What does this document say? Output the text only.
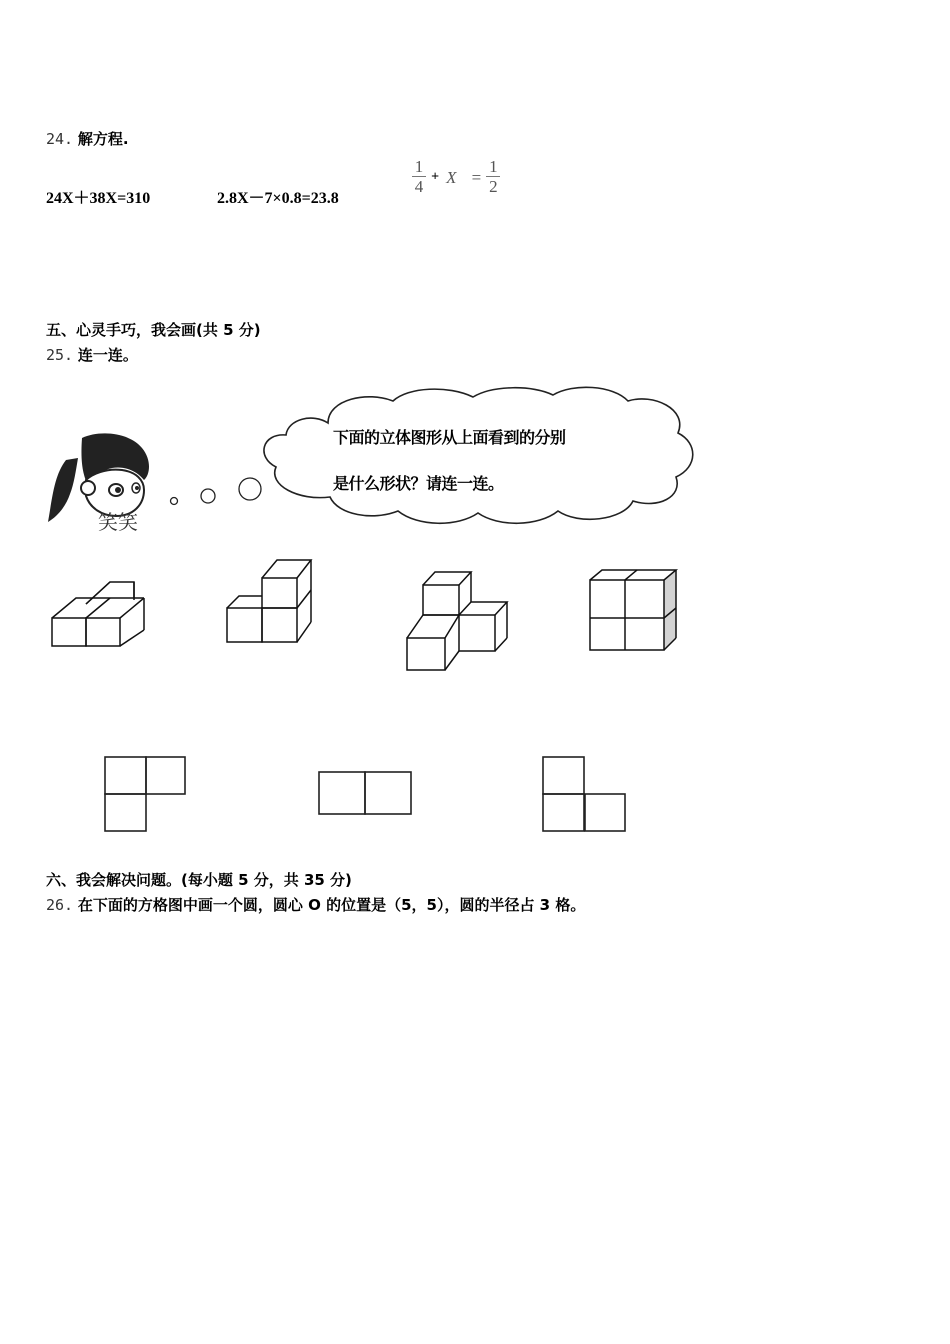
24. 解方程.
24X＋38X=310	2.8X－7×0.8=23.8
$\frac{1}{4} + X = \frac{1}{2}$
五、心灵手巧，我会画(共 5 分)
25. 连一连。
笑笑
下面的立体图形从上面看到的分别
是什么形状？请连一连。
六、我会解决问题。(每小题 5 分，共 35 分)
26. 在下面的方格图中画一个圆，圆心 O 的位置是（5，5），圆的半径占 3 格。
